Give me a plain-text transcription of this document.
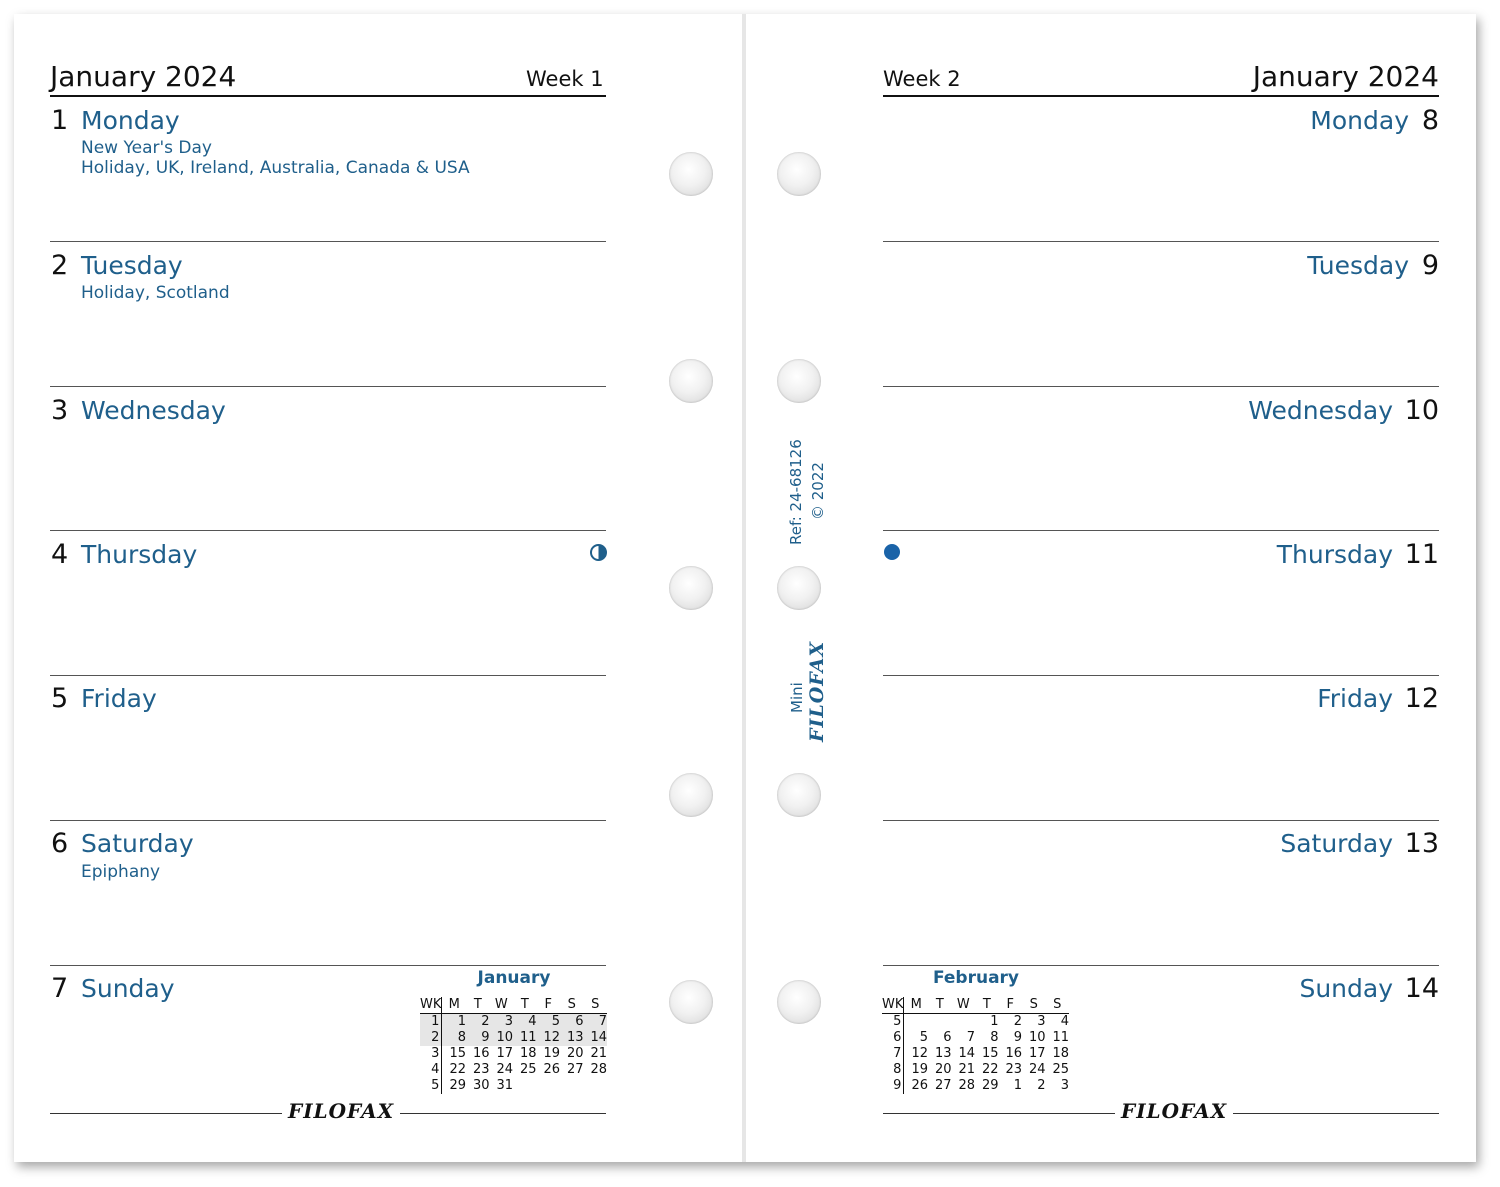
January 2024	Week 1	Week 2	January 2024
1 Monday
New Year's Day
Holiday, UK, Ireland, Australia, Canada & USA
2 Tuesday
Holiday, Scotland
3 Wednesday
4 Thursday
5 Friday
6 Saturday
Epiphany
7 Sunday	January
WK	M	T	W	T	F	S	S
1	1	2	3	4	5	6	7
2	8	9	10	11	12	13	14
3	15	16	17	18	19	20	21
4	22	23	24	25	26	27	28
5	29	30	31				
Monday 8
Tuesday 9
Wednesday 10
Thursday 11
Friday 12
Saturday 13
Sunday 14
February
WK	M	T	W	T	F	S	S
5				1	2	3	4
6	5	6	7	8	9	10	11
7	12	13	14	15	16	17	18
8	19	20	21	22	23	24	25
9	26	27	28	29	1	2	3
FILOFAX	FILOFAX
Ref: 24-68126 © 2022
Mini FILOFAX
